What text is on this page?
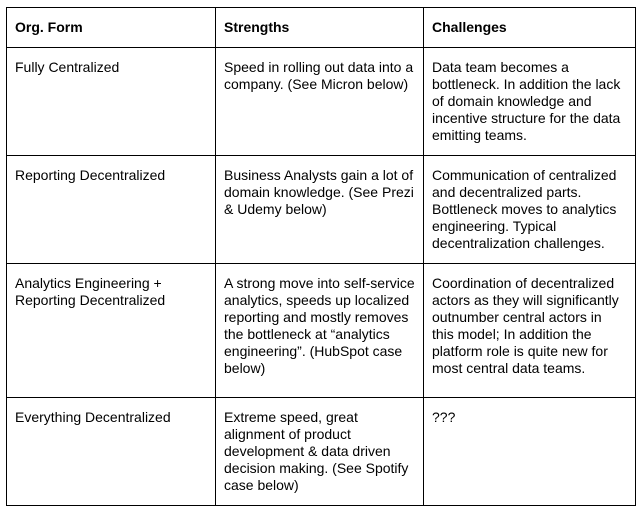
Org. Form	Strengths	Challenges
Fully Centralized	Speed in rolling out data into a company. (See Micron below)	Data team becomes a bottleneck. In addition the lack of domain knowledge and incentive structure for the data emitting teams.
Reporting Decentralized	Business Analysts gain a lot of domain knowledge. (See Prezi & Udemy below)	Communication of centralized and decentralized parts. Bottleneck moves to analytics engineering. Typical decentralization challenges.
Analytics Engineering + Reporting Decentralized	A strong move into self-service analytics, speeds up localized reporting and mostly removes the bottleneck at “analytics engineering”. (HubSpot case below)	Coordination of decentralized actors as they will significantly outnumber central actors in this model; In addition the platform role is quite new for most central data teams.
Everything Decentralized	Extreme speed, great alignment of product development & data driven decision making. (See Spotify case below)	???
